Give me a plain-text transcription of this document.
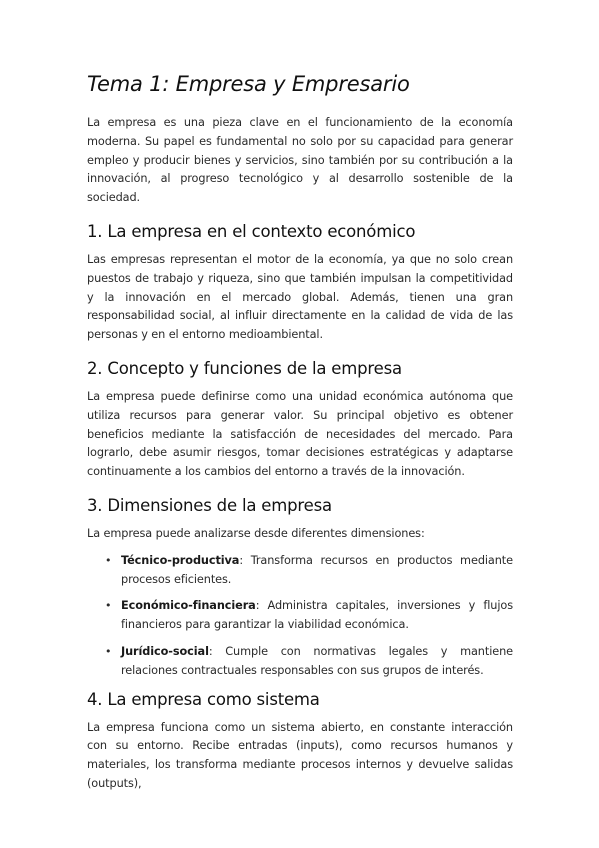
Tema 1: Empresa y Empresario

La empresa es una pieza clave en el funcionamiento de la economía moderna. Su papel es fundamental no solo por su capacidad para generar empleo y producir bienes y servicios, sino también por su contribución a la innovación, al progreso tecnológico y al desarrollo sostenible de la sociedad.

1. La empresa en el contexto económico

Las empresas representan el motor de la economía, ya que no solo crean puestos de trabajo y riqueza, sino que también impulsan la competitividad y la innovación en el mercado global. Además, tienen una gran responsabilidad social, al influir directamente en la calidad de vida de las personas y en el entorno medioambiental.

2. Concepto y funciones de la empresa

La empresa puede definirse como una unidad económica autónoma que utiliza recursos para generar valor. Su principal objetivo es obtener beneficios mediante la satisfacción de necesidades del mercado. Para lograrlo, debe asumir riesgos, tomar decisiones estratégicas y adaptarse continuamente a los cambios del entorno a través de la innovación.

3. Dimensiones de la empresa

La empresa puede analizarse desde diferentes dimensiones:

• Técnico-productiva: Transforma recursos en productos mediante procesos eficientes.
• Económico-financiera: Administra capitales, inversiones y flujos financieros para garantizar la viabilidad económica.
• Jurídico-social: Cumple con normativas legales y mantiene relaciones contractuales responsables con sus grupos de interés.
4. La empresa como sistema

La empresa funciona como un sistema abierto, en constante interacción con su entorno. Recibe entradas (inputs), como recursos humanos y materiales, los transforma mediante procesos internos y devuelve salidas (outputs),
